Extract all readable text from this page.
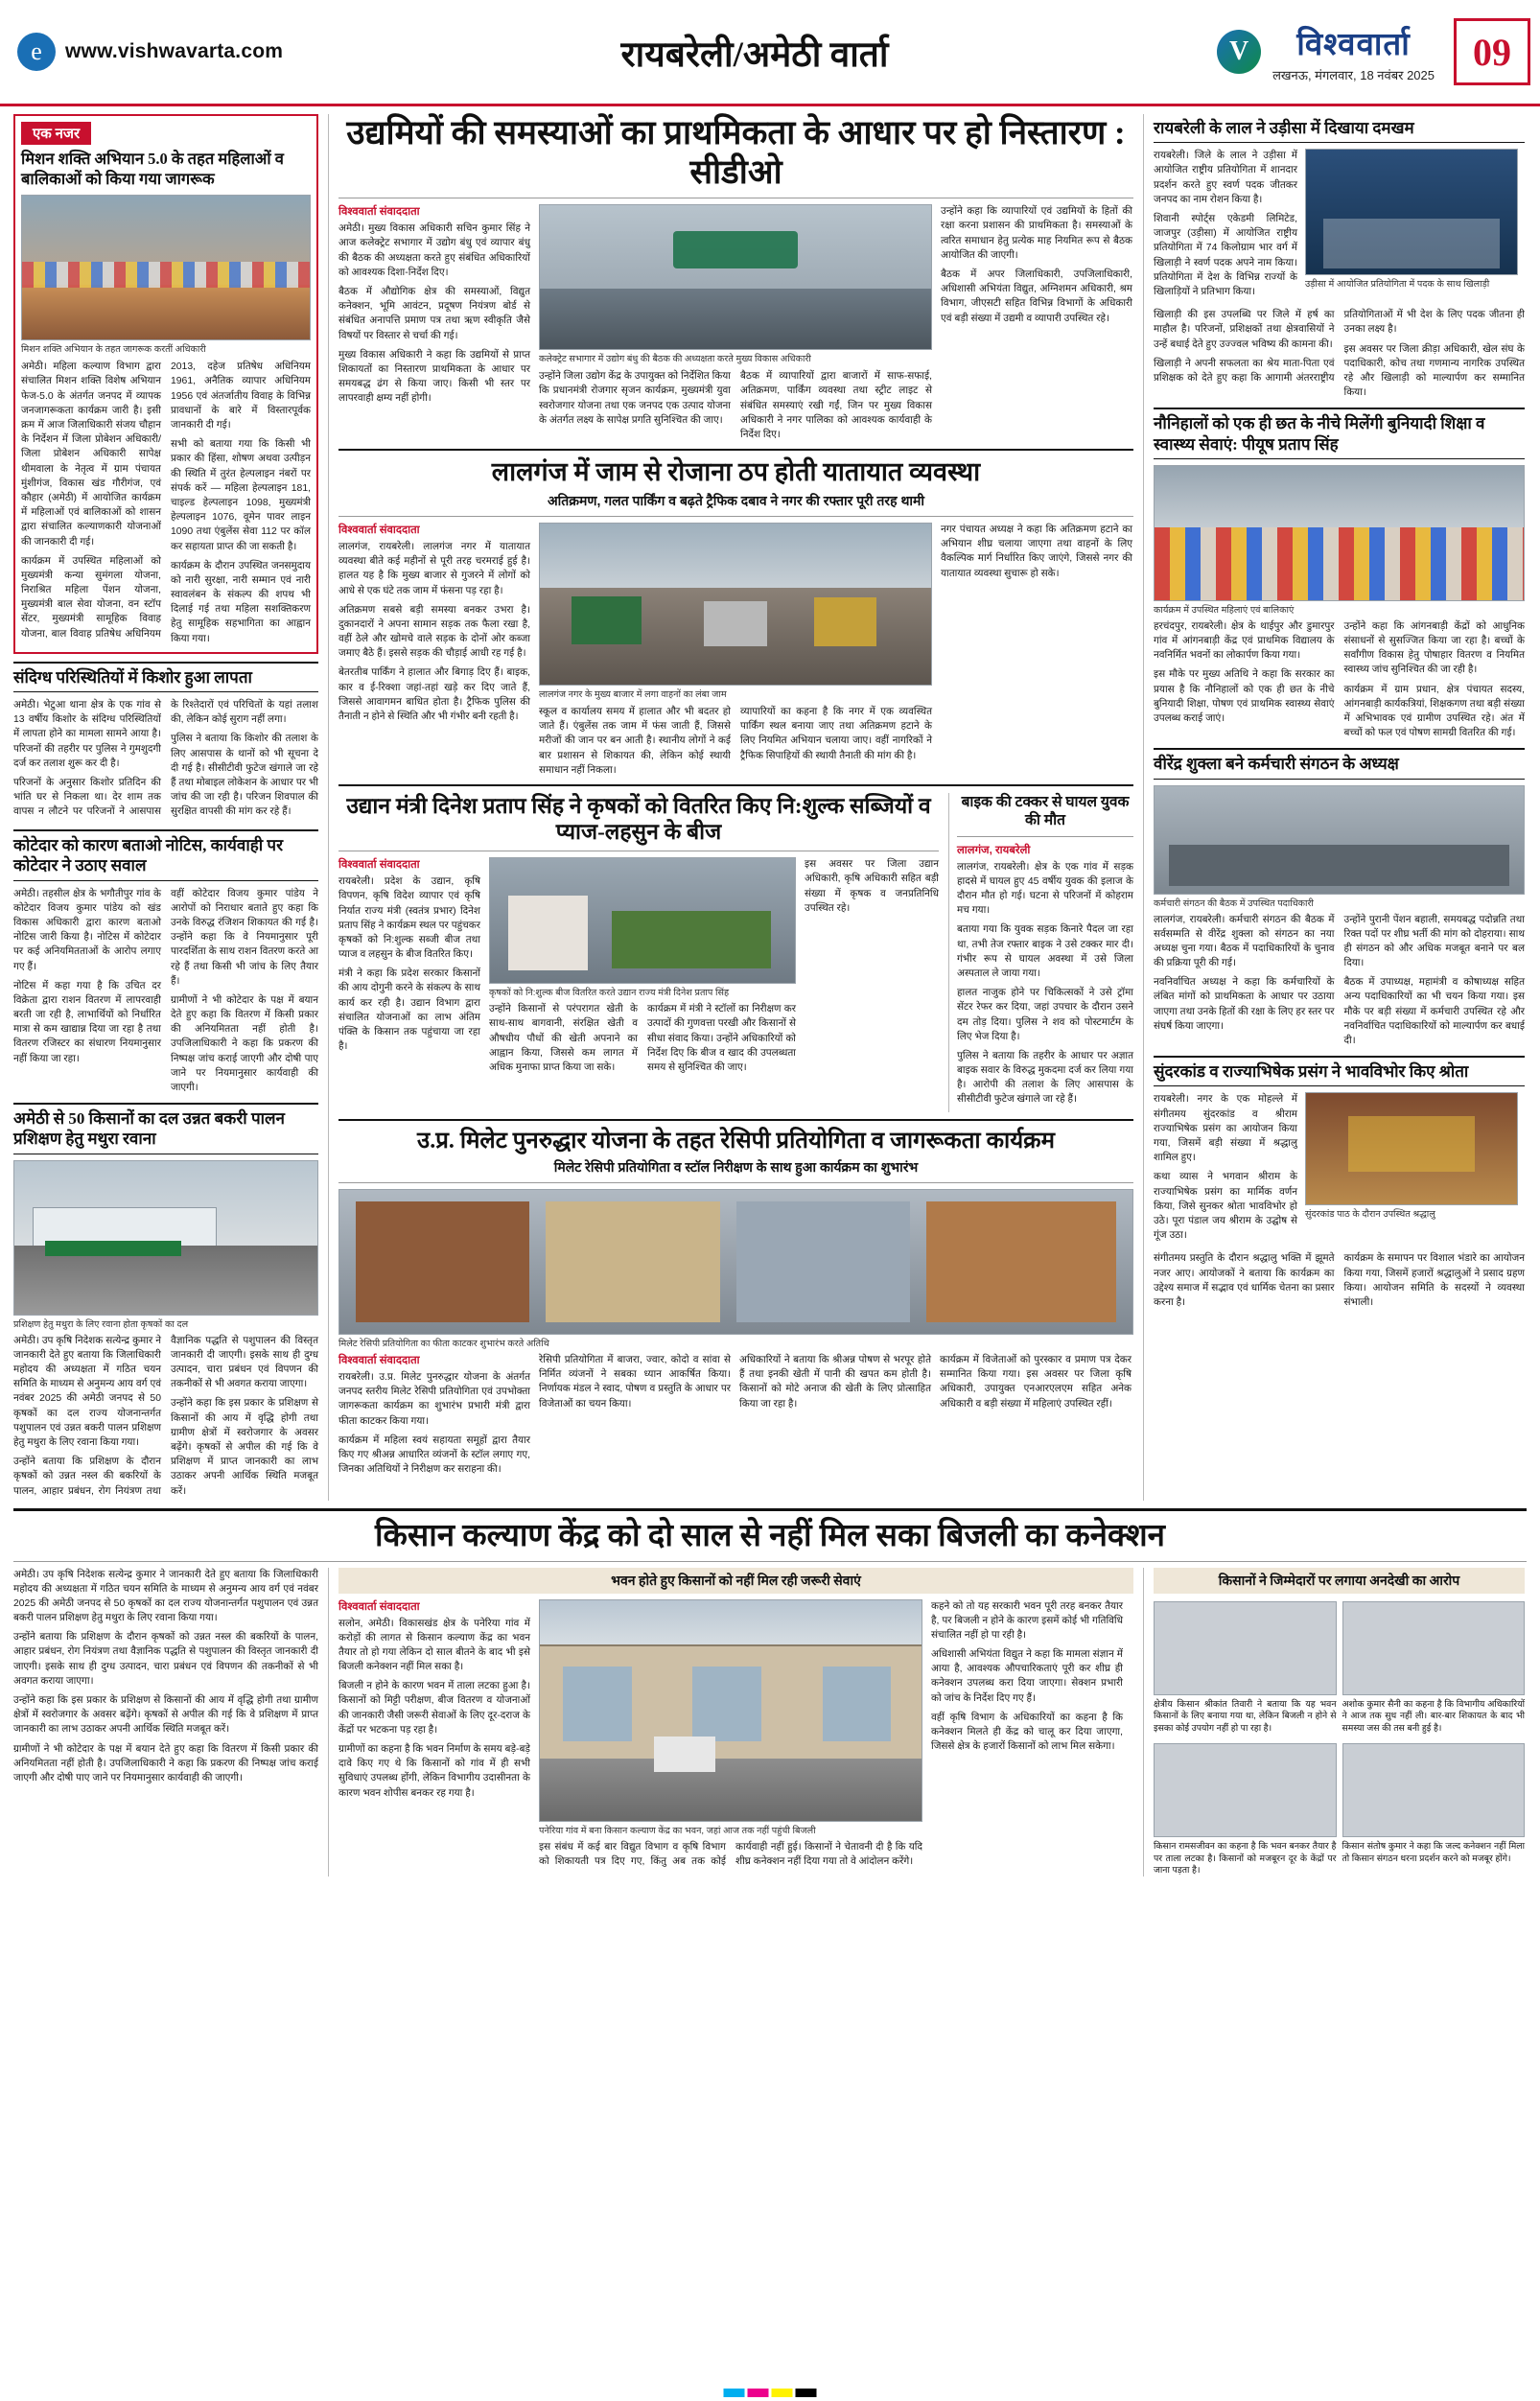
e	www.vishwavarta.com	रायबरेली/अमेठी वार्ता	V	विश्ववार्ता
लखनऊ, मंगलवार, 18 नवंबर 2025
09
एक नजर
मिशन शक्ति अभियान 5.0 के तहत महिलाओं व बालिकाओं को किया गया जागरूक
मिशन शक्ति अभियान के तहत जागरूक करतीं अधिकारी

अमेठी। महिला कल्याण विभाग द्वारा संचालित मिशन शक्ति विशेष अभियान फेज-5.0 के अंतर्गत जनपद में व्यापक जनजागरूकता कार्यक्रम जारी है। इसी क्रम में आज जिलाधिकारी संजय चौहान के निर्देशन में जिला प्रोबेशन अधिकारी/जिला प्रोबेशन अधिकारी सापेक्ष थीमवाला के नेतृत्व में ग्राम पंचायत मुंशीगंज, विकास खंड गौरीगंज, एवं कौहार (अमेठी) में आयोजित कार्यक्रम में महिलाओं एवं बालिकाओं को शासन द्वारा संचालित कल्याणकारी योजनाओं की जानकारी दी गई।

कार्यक्रम में उपस्थित महिलाओं को मुख्यमंत्री कन्या सुमंगला योजना, निराश्रित महिला पेंशन योजना, मुख्यमंत्री बाल सेवा योजना, वन स्टॉप सेंटर, मुख्यमंत्री सामूहिक विवाह योजना, बाल विवाह प्रतिषेध अधिनियम 2013, दहेज प्रतिषेध अधिनियम 1961, अनैतिक व्यापार अधिनियम 1956 एवं अंतर्जातीय विवाह के विभिन्न प्रावधानों के बारे में विस्तारपूर्वक जानकारी दी गई।

सभी को बताया गया कि किसी भी प्रकार की हिंसा, शोषण अथवा उत्पीड़न की स्थिति में तुरंत हेल्पलाइन नंबरों पर संपर्क करें — महिला हेल्पलाइन 181, चाइल्ड हेल्पलाइन 1098, मुख्यमंत्री हेल्पलाइन 1076, वूमेन पावर लाइन 1090 तथा एंबुलेंस सेवा 112 पर कॉल कर सहायता प्राप्त की जा सकती है।

कार्यक्रम के दौरान उपस्थित जनसमुदाय को नारी सुरक्षा, नारी सम्मान एवं नारी स्वावलंबन के संकल्प की शपथ भी दिलाई गई तथा महिला सशक्तिकरण हेतु सामूहिक सहभागिता का आह्वान किया गया।

संदिग्ध परिस्थितियों में किशोर हुआ लापता

अमेठी। भेटुआ थाना क्षेत्र के एक गांव से 13 वर्षीय किशोर के संदिग्ध परिस्थितियों में लापता होने का मामला सामने आया है। परिजनों की तहरीर पर पुलिस ने गुमशुदगी दर्ज कर तलाश शुरू कर दी है।

परिजनों के अनुसार किशोर प्रतिदिन की भांति घर से निकला था। देर शाम तक वापस न लौटने पर परिजनों ने आसपास के रिश्तेदारों एवं परिचितों के यहां तलाश की, लेकिन कोई सुराग नहीं लगा।

पुलिस ने बताया कि किशोर की तलाश के लिए आसपास के थानों को भी सूचना दे दी गई है। सीसीटीवी फुटेज खंगाले जा रहे हैं तथा मोबाइल लोकेशन के आधार पर भी जांच की जा रही है। परिजन शिवपाल की सुरक्षित वापसी की मांग कर रहे हैं।

कोटेदार को कारण बताओ नोटिस, कार्यवाही पर कोटेदार ने उठाए सवाल

अमेठी। तहसील क्षेत्र के भगौतीपुर गांव के कोटेदार विजय कुमार पांडेय को खंड विकास अधिकारी द्वारा कारण बताओ नोटिस जारी किया है। नोटिस में कोटेदार पर कई अनियमितताओं के आरोप लगाए गए हैं।

नोटिस में कहा गया है कि उचित दर विक्रेता द्वारा राशन वितरण में लापरवाही बरती जा रही है, लाभार्थियों को निर्धारित मात्रा से कम खाद्यान्न दिया जा रहा है तथा वितरण रजिस्टर का संधारण नियमानुसार नहीं किया जा रहा।

वहीं कोटेदार विजय कुमार पांडेय ने आरोपों को निराधार बताते हुए कहा कि उनके विरुद्ध रंजिशन शिकायत की गई है। उन्होंने कहा कि वे नियमानुसार पूरी पारदर्शिता के साथ राशन वितरण करते आ रहे हैं तथा किसी भी जांच के लिए तैयार हैं।

ग्रामीणों ने भी कोटेदार के पक्ष में बयान देते हुए कहा कि वितरण में किसी प्रकार की अनियमितता नहीं होती है। उपजिलाधिकारी ने कहा कि प्रकरण की निष्पक्ष जांच कराई जाएगी और दोषी पाए जाने पर नियमानुसार कार्यवाही की जाएगी।

अमेठी से 50 किसानों का दल उन्नत बकरी पालन प्रशिक्षण हेतु मथुरा रवाना
प्रशिक्षण हेतु मथुरा के लिए रवाना होता कृषकों का दल

अमेठी। उप कृषि निदेशक सत्येन्द्र कुमार ने जानकारी देते हुए बताया कि जिलाधिकारी महोदय की अध्यक्षता में गठित चयन समिति के माध्यम से अनुमन्य आय वर्ग एवं नवंबर 2025 की अमेठी जनपद से 50 कृषकों का दल राज्य योजनान्तर्गत पशुपालन एवं उन्नत बकरी पालन प्रशिक्षण हेतु मथुरा के लिए रवाना किया गया।

उन्होंने बताया कि प्रशिक्षण के दौरान कृषकों को उन्नत नस्ल की बकरियों के पालन, आहार प्रबंधन, रोग नियंत्रण तथा वैज्ञानिक पद्धति से पशुपालन की विस्तृत जानकारी दी जाएगी। इसके साथ ही दुग्ध उत्पादन, चारा प्रबंधन एवं विपणन की तकनीकों से भी अवगत कराया जाएगा।

उन्होंने कहा कि इस प्रकार के प्रशिक्षण से किसानों की आय में वृद्धि होगी तथा ग्रामीण क्षेत्रों में स्वरोजगार के अवसर बढ़ेंगे। कृषकों से अपील की गई कि वे प्रशिक्षण में प्राप्त जानकारी का लाभ उठाकर अपनी आर्थिक स्थिति मजबूत करें।

उद्यमियों की समस्याओं का प्राथमिकता के आधार पर हो निस्तारण : सीडीओ
विश्ववार्ता संवाददाता

अमेठी। मुख्य विकास अधिकारी सचिन कुमार सिंह ने आज कलेक्ट्रेट सभागार में उद्योग बंधु एवं व्यापार बंधु की बैठक की अध्यक्षता करते हुए संबंधित अधिकारियों को आवश्यक दिशा-निर्देश दिए।

बैठक में औद्योगिक क्षेत्र की समस्याओं, विद्युत कनेक्शन, भूमि आवंटन, प्रदूषण नियंत्रण बोर्ड से संबंधित अनापत्ति प्रमाण पत्र तथा ऋण स्वीकृति जैसे विषयों पर विस्तार से चर्चा की गई।

मुख्य विकास अधिकारी ने कहा कि उद्यमियों से प्राप्त शिकायतों का निस्तारण प्राथमिकता के आधार पर समयबद्ध ढंग से किया जाए। किसी भी स्तर पर लापरवाही क्षम्य नहीं होगी।

कलेक्ट्रेट सभागार में उद्योग बंधु की बैठक की अध्यक्षता करते मुख्य विकास अधिकारी

उन्होंने जिला उद्योग केंद्र के उपायुक्त को निर्देशित किया कि प्रधानमंत्री रोजगार सृजन कार्यक्रम, मुख्यमंत्री युवा स्वरोजगार योजना तथा एक जनपद एक उत्पाद योजना के अंतर्गत लक्ष्य के सापेक्ष प्रगति सुनिश्चित की जाए।

बैठक में व्यापारियों द्वारा बाजारों में साफ-सफाई, अतिक्रमण, पार्किंग व्यवस्था तथा स्ट्रीट लाइट से संबंधित समस्याएं रखी गईं, जिन पर मुख्य विकास अधिकारी ने नगर पालिका को आवश्यक कार्यवाही के निर्देश दिए।

उन्होंने कहा कि व्यापारियों एवं उद्यमियों के हितों की रक्षा करना प्रशासन की प्राथमिकता है। समस्याओं के त्वरित समाधान हेतु प्रत्येक माह नियमित रूप से बैठक आयोजित की जाएगी।

बैठक में अपर जिलाधिकारी, उपजिलाधिकारी, अधिशासी अभियंता विद्युत, अग्निशमन अधिकारी, श्रम विभाग, जीएसटी सहित विभिन्न विभागों के अधिकारी एवं बड़ी संख्या में उद्यमी व व्यापारी उपस्थित रहे।

लालगंज में जाम से रोजाना ठप होती यातायात व्यवस्था
अतिक्रमण, गलत पार्किंग व बढ़ते ट्रैफिक दबाव ने नगर की रफ्तार पूरी तरह थामी
विश्ववार्ता संवाददाता

लालगंज, रायबरेली। लालगंज नगर में यातायात व्यवस्था बीते कई महीनों से पूरी तरह चरमराई हुई है। हालत यह है कि मुख्य बाजार से गुजरने में लोगों को आधे से एक घंटे तक जाम में फंसना पड़ रहा है।

अतिक्रमण सबसे बड़ी समस्या बनकर उभरा है। दुकानदारों ने अपना सामान सड़क तक फैला रखा है, वहीं ठेले और खोमचे वाले सड़क के दोनों ओर कब्जा जमाए बैठे हैं। इससे सड़क की चौड़ाई आधी रह गई है।

बेतरतीब पार्किंग ने हालात और बिगाड़ दिए हैं। बाइक, कार व ई-रिक्शा जहां-तहां खड़े कर दिए जाते हैं, जिससे आवागमन बाधित होता है। ट्रैफिक पुलिस की तैनाती न होने से स्थिति और भी गंभीर बनी रहती है।

लालगंज नगर के मुख्य बाजार में लगा वाहनों का लंबा जाम

स्कूल व कार्यालय समय में हालात और भी बदतर हो जाते हैं। एंबुलेंस तक जाम में फंस जाती हैं, जिससे मरीजों की जान पर बन आती है। स्थानीय लोगों ने कई बार प्रशासन से शिकायत की, लेकिन कोई स्थायी समाधान नहीं निकला।

व्यापारियों का कहना है कि नगर में एक व्यवस्थित पार्किंग स्थल बनाया जाए तथा अतिक्रमण हटाने के लिए नियमित अभियान चलाया जाए। वहीं नागरिकों ने ट्रैफिक सिपाहियों की स्थायी तैनाती की मांग की है।

नगर पंचायत अध्यक्ष ने कहा कि अतिक्रमण हटाने का अभियान शीघ्र चलाया जाएगा तथा वाहनों के लिए वैकल्पिक मार्ग निर्धारित किए जाएंगे, जिससे नगर की यातायात व्यवस्था सुचारू हो सके।

उद्यान मंत्री दिनेश प्रताप सिंह ने कृषकों को वितरित किए नि:शुल्क सब्जियों व प्याज-लहसुन के बीज
विश्ववार्ता संवाददाता

रायबरेली। प्रदेश के उद्यान, कृषि विपणन, कृषि विदेश व्यापार एवं कृषि निर्यात राज्य मंत्री (स्वतंत्र प्रभार) दिनेश प्रताप सिंह ने कार्यक्रम स्थल पर पहुंचकर कृषकों को नि:शुल्क सब्जी बीज तथा प्याज व लहसुन के बीज वितरित किए।

मंत्री ने कहा कि प्रदेश सरकार किसानों की आय दोगुनी करने के संकल्प के साथ कार्य कर रही है। उद्यान विभाग द्वारा संचालित योजनाओं का लाभ अंतिम पंक्ति के किसान तक पहुंचाया जा रहा है।

कृषकों को नि:शुल्क बीज वितरित करते उद्यान राज्य मंत्री दिनेश प्रताप सिंह

उन्होंने किसानों से परंपरागत खेती के साथ-साथ बागवानी, संरक्षित खेती व औषधीय पौधों की खेती अपनाने का आह्वान किया, जिससे कम लागत में अधिक मुनाफा प्राप्त किया जा सके।

कार्यक्रम में मंत्री ने स्टॉलों का निरीक्षण कर उत्पादों की गुणवत्ता परखी और किसानों से सीधा संवाद किया। उन्होंने अधिकारियों को निर्देश दिए कि बीज व खाद की उपलब्धता समय से सुनिश्चित की जाए।

इस अवसर पर जिला उद्यान अधिकारी, कृषि अधिकारी सहित बड़ी संख्या में कृषक व जनप्रतिनिधि उपस्थित रहे।

बाइक की टक्कर से घायल युवक की मौत
लालगंज, रायबरेली

लालगंज, रायबरेली। क्षेत्र के एक गांव में सड़क हादसे में घायल हुए 45 वर्षीय युवक की इलाज के दौरान मौत हो गई। घटना से परिजनों में कोहराम मच गया।

बताया गया कि युवक सड़क किनारे पैदल जा रहा था, तभी तेज रफ्तार बाइक ने उसे टक्कर मार दी। गंभीर रूप से घायल अवस्था में उसे जिला अस्पताल ले जाया गया।

हालत नाजुक होने पर चिकित्सकों ने उसे ट्रॉमा सेंटर रेफर कर दिया, जहां उपचार के दौरान उसने दम तोड़ दिया। पुलिस ने शव को पोस्टमार्टम के लिए भेज दिया है।

पुलिस ने बताया कि तहरीर के आधार पर अज्ञात बाइक सवार के विरुद्ध मुकदमा दर्ज कर लिया गया है। आरोपी की तलाश के लिए आसपास के सीसीटीवी फुटेज खंगाले जा रहे हैं।

उ.प्र. मिलेट पुनरुद्धार योजना के तहत रेसिपी प्रतियोगिता व जागरूकता कार्यक्रम
मिलेट रेसिपी प्रतियोगिता व स्टॉल निरीक्षण के साथ हुआ कार्यक्रम का शुभारंभ
मिलेट रेसिपी प्रतियोगिता का फीता काटकर शुभारंभ करते अतिथि
विश्ववार्ता संवाददाता

रायबरेली। उ.प्र. मिलेट पुनरुद्धार योजना के अंतर्गत जनपद स्तरीय मिलेट रेसिपी प्रतियोगिता एवं उपभोक्ता जागरूकता कार्यक्रम का शुभारंभ प्रभारी मंत्री द्वारा फीता काटकर किया गया।

कार्यक्रम में महिला स्वयं सहायता समूहों द्वारा तैयार किए गए श्रीअन्न आधारित व्यंजनों के स्टॉल लगाए गए, जिनका अतिथियों ने निरीक्षण कर सराहना की।

रेसिपी प्रतियोगिता में बाजरा, ज्वार, कोदो व सांवा से निर्मित व्यंजनों ने सबका ध्यान आकर्षित किया। निर्णायक मंडल ने स्वाद, पोषण व प्रस्तुति के आधार पर विजेताओं का चयन किया।

अधिकारियों ने बताया कि श्रीअन्न पोषण से भरपूर होते हैं तथा इनकी खेती में पानी की खपत कम होती है। किसानों को मोटे अनाज की खेती के लिए प्रोत्साहित किया जा रहा है।

कार्यक्रम में विजेताओं को पुरस्कार व प्रमाण पत्र देकर सम्मानित किया गया। इस अवसर पर जिला कृषि अधिकारी, उपायुक्त एनआरएलएम सहित अनेक अधिकारी व बड़ी संख्या में महिलाएं उपस्थित रहीं।

रायबरेली के लाल ने उड़ीसा में दिखाया दमखम

रायबरेली। जिले के लाल ने उड़ीसा में आयोजित राष्ट्रीय प्रतियोगिता में शानदार प्रदर्शन करते हुए स्वर्ण पदक जीतकर जनपद का नाम रोशन किया है।

शिवानी स्पोर्ट्स एकेडमी लिमिटेड, जाजपुर (उड़ीसा) में आयोजित राष्ट्रीय प्रतियोगिता में 74 किलोग्राम भार वर्ग में खिलाड़ी ने स्वर्ण पदक अपने नाम किया। प्रतियोगिता में देश के विभिन्न राज्यों के खिलाड़ियों ने प्रतिभाग किया।

उड़ीसा में आयोजित प्रतियोगिता में पदक के साथ खिलाड़ी

खिलाड़ी की इस उपलब्धि पर जिले में हर्ष का माहौल है। परिजनों, प्रशिक्षकों तथा क्षेत्रवासियों ने उन्हें बधाई देते हुए उज्ज्वल भविष्य की कामना की।

खिलाड़ी ने अपनी सफलता का श्रेय माता-पिता एवं प्रशिक्षक को देते हुए कहा कि आगामी अंतरराष्ट्रीय प्रतियोगिताओं में भी देश के लिए पदक जीतना ही उनका लक्ष्य है।

इस अवसर पर जिला क्रीड़ा अधिकारी, खेल संघ के पदाधिकारी, कोच तथा गणमान्य नागरिक उपस्थित रहे और खिलाड़ी को माल्यार्पण कर सम्मानित किया।

नौनिहालों को एक ही छत के नीचे मिलेंगी बुनियादी शिक्षा व स्वास्थ्य सेवाएं: पीयूष प्रताप सिंह
कार्यक्रम में उपस्थित महिलाएं एवं बालिकाएं

हरचंदपुर, रायबरेली। क्षेत्र के थाईपुर और डुमारपुर गांव में आंगनबाड़ी केंद्र एवं प्राथमिक विद्यालय के नवनिर्मित भवनों का लोकार्पण किया गया।

इस मौके पर मुख्य अतिथि ने कहा कि सरकार का प्रयास है कि नौनिहालों को एक ही छत के नीचे बुनियादी शिक्षा, पोषण एवं प्राथमिक स्वास्थ्य सेवाएं उपलब्ध कराई जाएं।

उन्होंने कहा कि आंगनबाड़ी केंद्रों को आधुनिक संसाधनों से सुसज्जित किया जा रहा है। बच्चों के सर्वांगीण विकास हेतु पोषाहार वितरण व नियमित स्वास्थ्य जांच सुनिश्चित की जा रही है।

कार्यक्रम में ग्राम प्रधान, क्षेत्र पंचायत सदस्य, आंगनबाड़ी कार्यकत्रियां, शिक्षकगण तथा बड़ी संख्या में अभिभावक एवं ग्रामीण उपस्थित रहे। अंत में बच्चों को फल एवं पोषण सामग्री वितरित की गई।

वीरेंद्र शुक्ला बने कर्मचारी संगठन के अध्यक्ष
कर्मचारी संगठन की बैठक में उपस्थित पदाधिकारी

लालगंज, रायबरेली। कर्मचारी संगठन की बैठक में सर्वसम्मति से वीरेंद्र शुक्ला को संगठन का नया अध्यक्ष चुना गया। बैठक में पदाधिकारियों के चुनाव की प्रक्रिया पूरी की गई।

नवनिर्वाचित अध्यक्ष ने कहा कि कर्मचारियों के लंबित मांगों को प्राथमिकता के आधार पर उठाया जाएगा तथा उनके हितों की रक्षा के लिए हर स्तर पर संघर्ष किया जाएगा।

उन्होंने पुरानी पेंशन बहाली, समयबद्ध पदोन्नति तथा रिक्त पदों पर शीघ्र भर्ती की मांग को दोहराया। साथ ही संगठन को और अधिक मजबूत बनाने पर बल दिया।

बैठक में उपाध्यक्ष, महामंत्री व कोषाध्यक्ष सहित अन्य पदाधिकारियों का भी चयन किया गया। इस मौके पर बड़ी संख्या में कर्मचारी उपस्थित रहे और नवनिर्वाचित पदाधिकारियों को माल्यार्पण कर बधाई दी।

सुंदरकांड व राज्याभिषेक प्रसंग ने भावविभोर किए श्रोता

रायबरेली। नगर के एक मोहल्ले में संगीतमय सुंदरकांड व श्रीराम राज्याभिषेक प्रसंग का आयोजन किया गया, जिसमें बड़ी संख्या में श्रद्धालु शामिल हुए।

कथा व्यास ने भगवान श्रीराम के राज्याभिषेक प्रसंग का मार्मिक वर्णन किया, जिसे सुनकर श्रोता भावविभोर हो उठे। पूरा पंडाल जय श्रीराम के उद्घोष से गूंज उठा।

सुंदरकांड पाठ के दौरान उपस्थित श्रद्धालु

संगीतमय प्रस्तुति के दौरान श्रद्धालु भक्ति में झूमते नजर आए। आयोजकों ने बताया कि कार्यक्रम का उद्देश्य समाज में सद्भाव एवं धार्मिक चेतना का प्रसार करना है।

कार्यक्रम के समापन पर विशाल भंडारे का आयोजन किया गया, जिसमें हजारों श्रद्धालुओं ने प्रसाद ग्रहण किया। आयोजन समिति के सदस्यों ने व्यवस्था संभाली।

किसान कल्याण केंद्र को दो साल से नहीं मिल सका बिजली का कनेक्शन

अमेठी। उप कृषि निदेशक सत्येन्द्र कुमार ने जानकारी देते हुए बताया कि जिलाधिकारी महोदय की अध्यक्षता में गठित चयन समिति के माध्यम से अनुमन्य आय वर्ग एवं नवंबर 2025 की अमेठी जनपद से 50 कृषकों का दल राज्य योजनान्तर्गत पशुपालन एवं उन्नत बकरी पालन प्रशिक्षण हेतु मथुरा के लिए रवाना किया गया।

उन्होंने बताया कि प्रशिक्षण के दौरान कृषकों को उन्नत नस्ल की बकरियों के पालन, आहार प्रबंधन, रोग नियंत्रण तथा वैज्ञानिक पद्धति से पशुपालन की विस्तृत जानकारी दी जाएगी। इसके साथ ही दुग्ध उत्पादन, चारा प्रबंधन एवं विपणन की तकनीकों से भी अवगत कराया जाएगा।

उन्होंने कहा कि इस प्रकार के प्रशिक्षण से किसानों की आय में वृद्धि होगी तथा ग्रामीण क्षेत्रों में स्वरोजगार के अवसर बढ़ेंगे। कृषकों से अपील की गई कि वे प्रशिक्षण में प्राप्त जानकारी का लाभ उठाकर अपनी आर्थिक स्थिति मजबूत करें।

ग्रामीणों ने भी कोटेदार के पक्ष में बयान देते हुए कहा कि वितरण में किसी प्रकार की अनियमितता नहीं होती है। उपजिलाधिकारी ने कहा कि प्रकरण की निष्पक्ष जांच कराई जाएगी और दोषी पाए जाने पर नियमानुसार कार्यवाही की जाएगी।

भवन होते हुए किसानों को नहीं मिल रही जरूरी सेवाएं
विश्ववार्ता संवाददाता

सलोन, अमेठी। विकासखंड क्षेत्र के पनेरिया गांव में करोड़ों की लागत से किसान कल्याण केंद्र का भवन तैयार तो हो गया लेकिन दो साल बीतने के बाद भी इसे बिजली कनेक्शन नहीं मिल सका है।

बिजली न होने के कारण भवन में ताला लटका हुआ है। किसानों को मिट्टी परीक्षण, बीज वितरण व योजनाओं की जानकारी जैसी जरूरी सेवाओं के लिए दूर-दराज के केंद्रों पर भटकना पड़ रहा है।

ग्रामीणों का कहना है कि भवन निर्माण के समय बड़े-बड़े दावे किए गए थे कि किसानों को गांव में ही सभी सुविधाएं उपलब्ध होंगी, लेकिन विभागीय उदासीनता के कारण भवन शोपीस बनकर रह गया है।

पनेरिया गांव में बना किसान कल्याण केंद्र का भवन, जहां आज तक नहीं पहुंची बिजली

इस संबंध में कई बार विद्युत विभाग व कृषि विभाग को शिकायती पत्र दिए गए, किंतु अब तक कोई कार्यवाही नहीं हुई। किसानों ने चेतावनी दी है कि यदि शीघ्र कनेक्शन नहीं दिया गया तो वे आंदोलन करेंगे।

कहने को तो यह सरकारी भवन पूरी तरह बनकर तैयार है, पर बिजली न होने के कारण इसमें कोई भी गतिविधि संचालित नहीं हो पा रही है।

अधिशासी अभियंता विद्युत ने कहा कि मामला संज्ञान में आया है, आवश्यक औपचारिकताएं पूरी कर शीघ्र ही कनेक्शन उपलब्ध करा दिया जाएगा। सेक्शन प्रभारी को जांच के निर्देश दिए गए हैं।

वहीं कृषि विभाग के अधिकारियों का कहना है कि कनेक्शन मिलते ही केंद्र को चालू कर दिया जाएगा, जिससे क्षेत्र के हजारों किसानों को लाभ मिल सकेगा।

किसानों ने जिम्मेदारों पर लगाया अनदेखी का आरोप
क्षेत्रीय किसान श्रीकांत तिवारी ने बताया कि यह भवन किसानों के लिए बनाया गया था, लेकिन बिजली न होने से इसका कोई उपयोग नहीं हो पा रहा है।
अशोक कुमार सैनी का कहना है कि विभागीय अधिकारियों ने आज तक सुध नहीं ली। बार-बार शिकायत के बाद भी समस्या जस की तस बनी हुई है।
किसान रामसजीवन का कहना है कि भवन बनकर तैयार है पर ताला लटका है। किसानों को मजबूरन दूर के केंद्रों पर जाना पड़ता है।
किसान संतोष कुमार ने कहा कि जल्द कनेक्शन नहीं मिला तो किसान संगठन धरना प्रदर्शन करने को मजबूर होंगे।
